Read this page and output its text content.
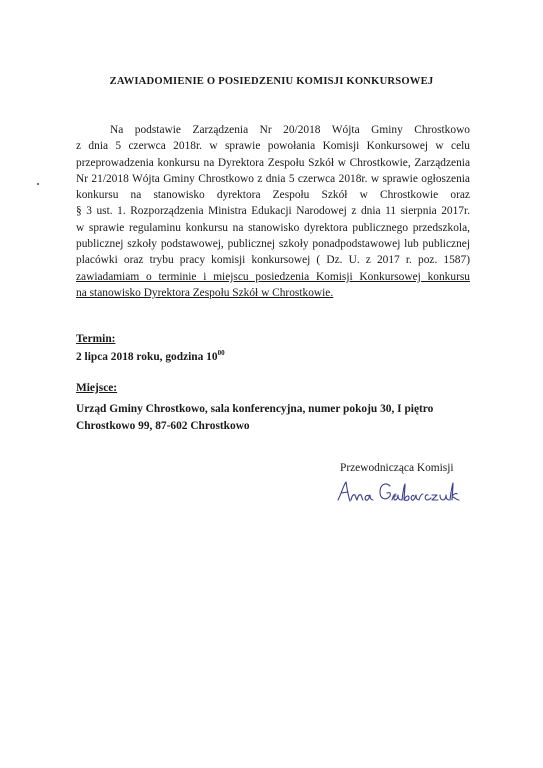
ZAWIADOMIENIE O POSIEDZENIU KOMISJI KONKURSOWEJ
Na podstawie Zarządzenia Nr 20/2018 Wójta Gminy Chrostkowo
z dnia 5 czerwca 2018r. w sprawie powołania Komisji Konkursowej w celu
przeprowadzenia konkursu na Dyrektora Zespołu Szkół w Chrostkowie, Zarządzenia
Nr 21/2018 Wójta Gminy Chrostkowo z dnia 5 czerwca 2018r. w sprawie ogłoszenia
konkursu na stanowisko dyrektora Zespołu Szkół w Chrostkowie oraz
§ 3 ust. 1. Rozporządzenia Ministra Edukacji Narodowej z dnia 11 sierpnia 2017r.
w sprawie regulaminu konkursu na stanowisko dyrektora publicznego przedszkola,
publicznej szkoły podstawowej, publicznej szkoły ponadpodstawowej lub publicznej
placówki oraz trybu pracy komisji konkursowej ( Dz. U. z 2017 r. poz. 1587)
zawiadamiam o terminie i miejscu posiedzenia Komisji Konkursowej konkursu
na stanowisko Dyrektora Zespołu Szkół w Chrostkowie.
Termin:
2 lipca 2018 roku, godzina $10^{00}$
Miejsce:
Urząd Gminy Chrostkowo, sala konferencyjna, numer pokoju 30, I piętro
Chrostkowo 99, 87-602 Chrostkowo
Przewodnicząca Komisji
